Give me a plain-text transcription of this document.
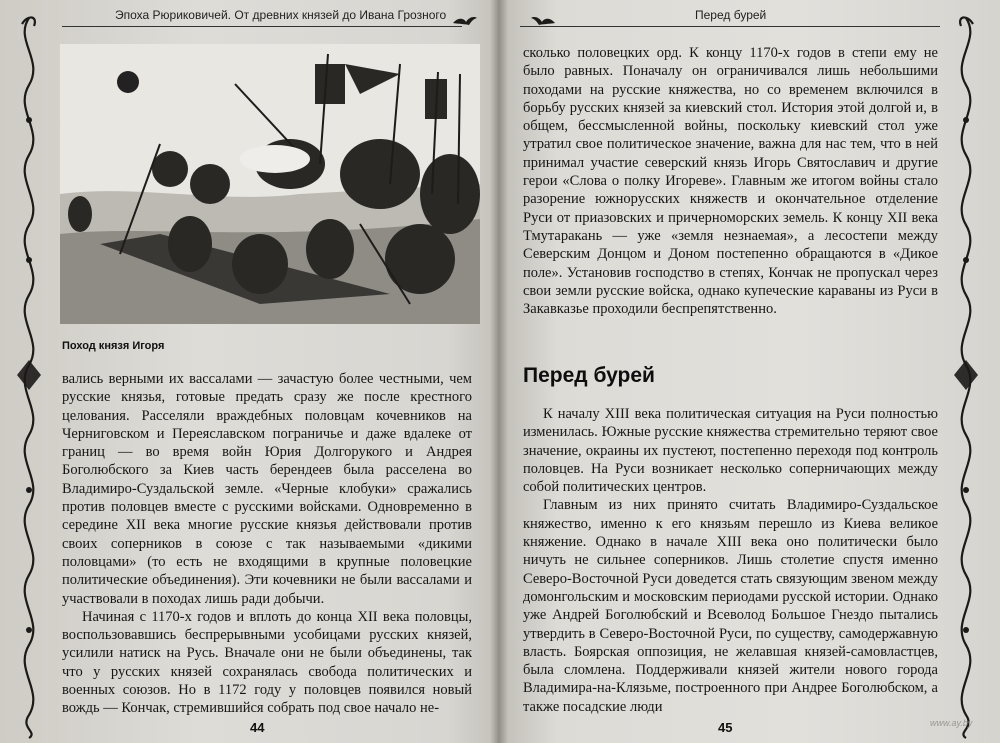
Эпоха Рюриковичей. От древних князей до Ивана Грозного
Поход князя Игоря

вались верными их вассалами — зачастую более честными, чем русские князья, готовые предать сразу же после крестного целования. Расселяли враждебных половцам кочевников на Черниговском и Переяславском пограничье и даже вдалеке от границ — во время войн Юрия Долгорукого и Андрея Боголюбского за Киев часть берендеев была расселена во Владимиро-Суздальской земле. «Черные клобуки» сражались против половцев вместе с русскими войсками. Одновременно в середине XII века многие русские князья действовали против своих соперников в союзе с так называемыми «дикими половцами» (то есть не входящими в крупные половецкие политические объединения). Эти кочевники не были вассалами и участвовали в походах лишь ради добычи.

Начиная с 1170-х годов и вплоть до конца XII века половцы, воспользовавшись беспрерывными усобицами русских князей, усилили натиск на Русь. Вначале они не были объединены, так что у русских князей сохранялась свобода политических и военных союзов. Но в 1172 году у половцев появился новый вождь — Кончак, стремившийся собрать под свое начало не-

44
Перед бурей

сколько половецких орд. К концу 1170-х годов в степи ему не было равных. Поначалу он ограничивался лишь небольшими походами на русские княжества, но со временем включился в борьбу русских князей за киевский стол. История этой долгой и, в общем, бессмысленной войны, поскольку киевский стол уже утратил свое политическое значение, важна для нас тем, что в ней принимал участие северский князь Игорь Святославич и другие герои «Слова о полку Игореве». Главным же итогом войны стало разорение южнорусских княжеств и окончательное отделение Руси от приазовских и причерноморских земель. К концу XII века Тмутаракань — уже «земля незнаемая», а лесостепи между Северским Донцом и Доном постепенно обращаются в «Дикое поле». Установив господство в степях, Кончак не пропускал через свои земли русские войска, однако купеческие караваны из Руси в Закавказье проходили беспрепятственно.

Перед бурей

К началу XIII века политическая ситуация на Руси полностью изменилась. Южные русские княжества стремительно теряют свое значение, окраины их пустеют, постепенно переходя под контроль половцев. На Руси возникает несколько соперничающих между собой политических центров.

Главным из них принято считать Владимиро-Суздальское княжество, именно к его князьям перешло из Киева великое княжение. Однако в начале XIII века оно политически было ничуть не сильнее соперников. Лишь столетие спустя именно Северо-Восточной Руси доведется стать связующим звеном между домонгольским и московским периодами русской истории. Однако уже Андрей Боголюбский и Всеволод Большое Гнездо пытались утвердить в Северо-Восточной Руси, по существу, самодержавную власть. Боярская оппозиция, не желавшая князей-самовластцев, была сломлена. Поддерживали князей жители нового города Владимира-на-Клязьме, построенного при Андрее Боголюбском, а также посадские люди

45	www.ay.by
